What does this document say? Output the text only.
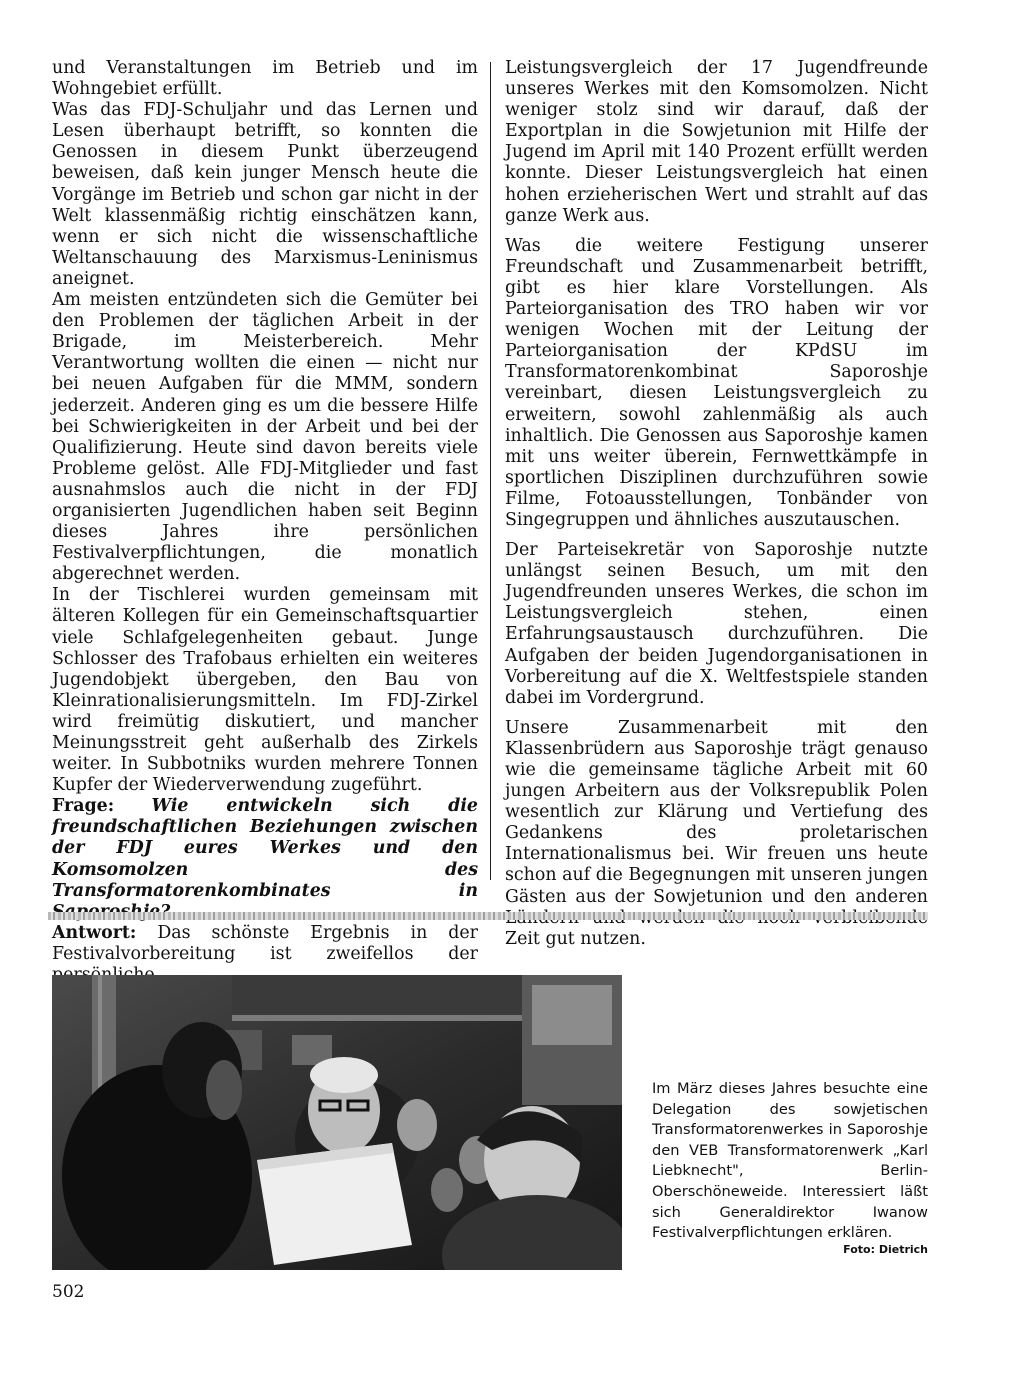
und Veranstaltungen im Betrieb und im Wohngebiet erfüllt.

Was das FDJ-Schuljahr und das Lernen und Lesen überhaupt betrifft, so konnten die Genossen in diesem Punkt überzeugend beweisen, daß kein junger Mensch heute die Vorgänge im Betrieb und schon gar nicht in der Welt klassenmäßig richtig einschätzen kann, wenn er sich nicht die wissenschaftliche Weltanschauung des Marxismus-Leninismus aneignet.

Am meisten entzündeten sich die Gemüter bei den Problemen der täglichen Arbeit in der Brigade, im Meisterbereich. Mehr Verantwortung wollten die einen — nicht nur bei neuen Aufgaben für die MMM, sondern jederzeit. Anderen ging es um die bessere Hilfe bei Schwierigkeiten in der Arbeit und bei der Qualifizierung. Heute sind davon bereits viele Probleme gelöst. Alle FDJ-Mitglieder und fast ausnahmslos auch die nicht in der FDJ organisierten Jugendlichen haben seit Beginn dieses Jahres ihre persönlichen Festivalverpflichtungen, die monatlich abgerechnet werden.

In der Tischlerei wurden gemeinsam mit älteren Kollegen für ein Gemeinschaftsquartier viele Schlafgelegenheiten gebaut. Junge Schlosser des Trafobaus erhielten ein weiteres Jugendobjekt übergeben, den Bau von Kleinrationalisierungsmitteln. Im FDJ-Zirkel wird freimütig diskutiert, und mancher Meinungsstreit geht außerhalb des Zirkels weiter. In Subbotniks wurden mehrere Tonnen Kupfer der Wiederverwendung zugeführt.

Frage: Wie entwickeln sich die freundschaftlichen Beziehungen zwischen der FDJ eures Werkes und den Komsomolzen des Transformatorenkombinates in

Antwort: Das schönste Ergebnis in der Festivalvorbereitung ist zweifellos der

Leistungsvergleich der 17 Jugendfreunde unseres Werkes mit den Komsomolzen. Nicht weniger stolz sind wir darauf, daß der Exportplan in die Sowjetunion mit Hilfe der Jugend im April mit 140 Prozent erfüllt werden konnte. Dieser Leistungsvergleich hat einen hohen erzieherischen Wert und strahlt auf das ganze Werk aus.

Was die weitere Festigung unserer Freundschaft und Zusammenarbeit betrifft, gibt es hier klare Vorstellungen. Als Parteiorganisation des TRO haben wir vor wenigen Wochen mit der Leitung der Parteiorganisation der KPdSU im Transformatorenkombinat Saporoshje vereinbart, diesen Leistungsvergleich zu erweitern, sowohl zahlenmäßig als auch inhaltlich. Die Genossen aus Saporoshje kamen mit uns weiter überein, Fernwettkämpfe in sportlichen Disziplinen durchzuführen sowie Filme, Fotoausstellungen, Tonbänder von Singegruppen und ähnliches auszutauschen.

Der Parteisekretär von Saporoshje nutzte unlängst seinen Besuch, um mit den Jugendfreunden unseres Werkes, die schon im Leistungsvergleich stehen, einen Erfahrungsaustausch durchzuführen. Die Aufgaben der beiden Jugendorganisationen in Vorbereitung auf die X. Weltfestspiele standen dabei im Vordergrund.

Unsere Zusammenarbeit mit den Klassenbrüdern aus Saporoshje trägt genauso wie die gemeinsame tägliche Arbeit mit 60 jungen Arbeitern aus der Volksrepublik Polen wesentlich zur Klärung und Vertiefung des Gedankens des proletarischen Internationalismus bei. Wir freuen uns heute schon auf die Begegnungen mit unseren jungen Gästen aus der Sowjetunion und den anderen Zeit gut nutzen.

Im März dieses Jahres besuchte eine Delegation des sowjetischen Transformatorenwerkes in Saporoshje den VEB Transformatorenwerk „Karl Liebknecht", Berlin-Oberschöneweide. Interessiert läßt sich Generaldirektor Iwanow Festivalverpflichtungen erklären.
Foto: Dietrich
502
